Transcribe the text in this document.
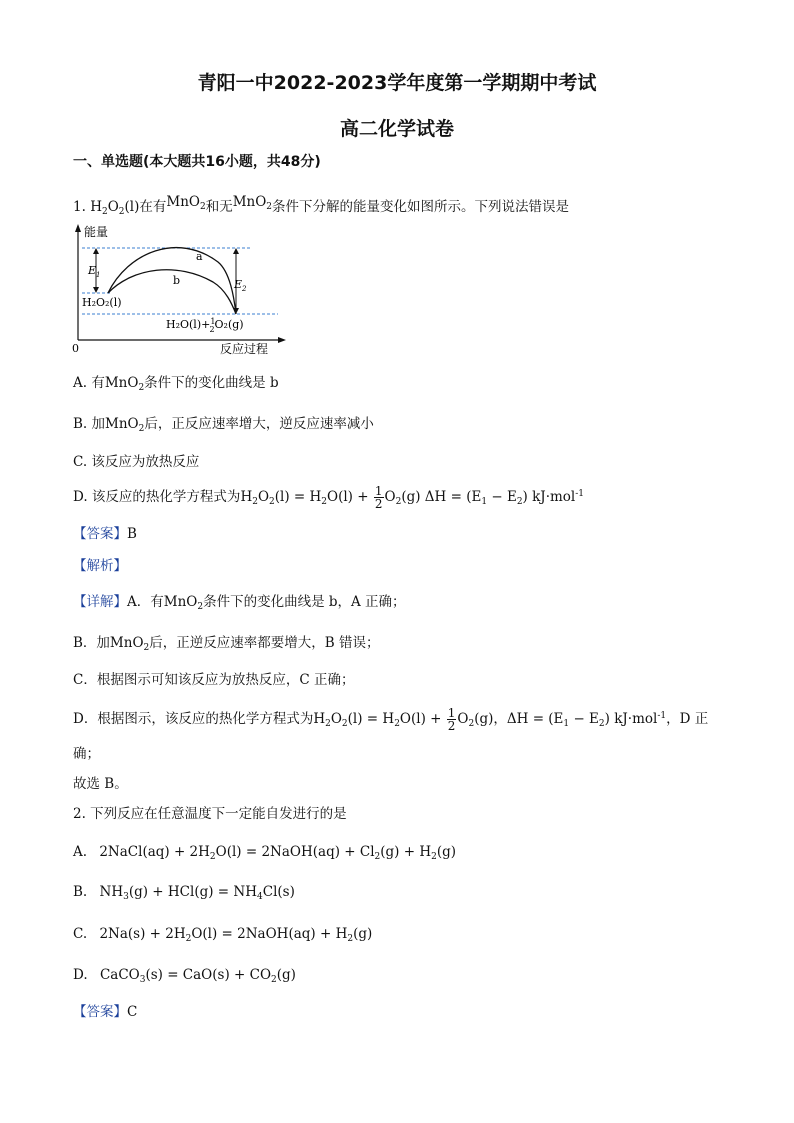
青阳一中2022-2023学年度第一学期期中考试
高二化学试卷
一、单选题(本大题共16小题，共48分)
1. $H_2O_2(l)$在有MnO$_2$和无MnO$_2$条件下分解的能量变化如图所示。下列说法错误是
能量
0	反应过程
a
b
$E_1$
$E_2$
H₂O₂(l)
H₂O(l)+$^1$ 2O₂(g)
A. 有MnO$_2$条件下的变化曲线是 b
B. 加MnO$_2$后，正反应速率增大，逆反应速率减小
C. 该反应为放热反应
D. 该反应的热化学方程式为$H_2O_2(l) = H_2O(l) + \frac{1}{2} O_2(g) \Delta H = (E_1 - E_2)$ kJ·mol$^{-1}$
【答案】B
【解析】
【详解】A．有MnO$_2$条件下的变化曲线是 b，A 正确；
B．加MnO$_2$后，正逆反应速率都要增大，B 错误；
C．根据图示可知该反应为放热反应，C 正确；
D．根据图示，该反应的热化学方程式为$H_2O_2(l) = H_2O(l) + \frac{1}{2} O_2(g)$，$\Delta H = (E_1 - E_2)$ kJ·mol$^{-1}$，D 正
确；
故选 B。
2. 下列反应在任意温度下一定能自发进行的是
A. 2NaCl(aq) + $2H_2O(l)$ = 2NaOH(aq) + $Cl_2(g) + H_2(g)$
B. $NH_3(g) + HCl(g) = NH_4Cl(s)$
C. $2Na(s) + 2H_2O(l)$ = 2NaOH(aq) + $H_2(g)$
D. CaCO$_3$(s) = $CaO(s) + CO_2(g)$
【答案】C
